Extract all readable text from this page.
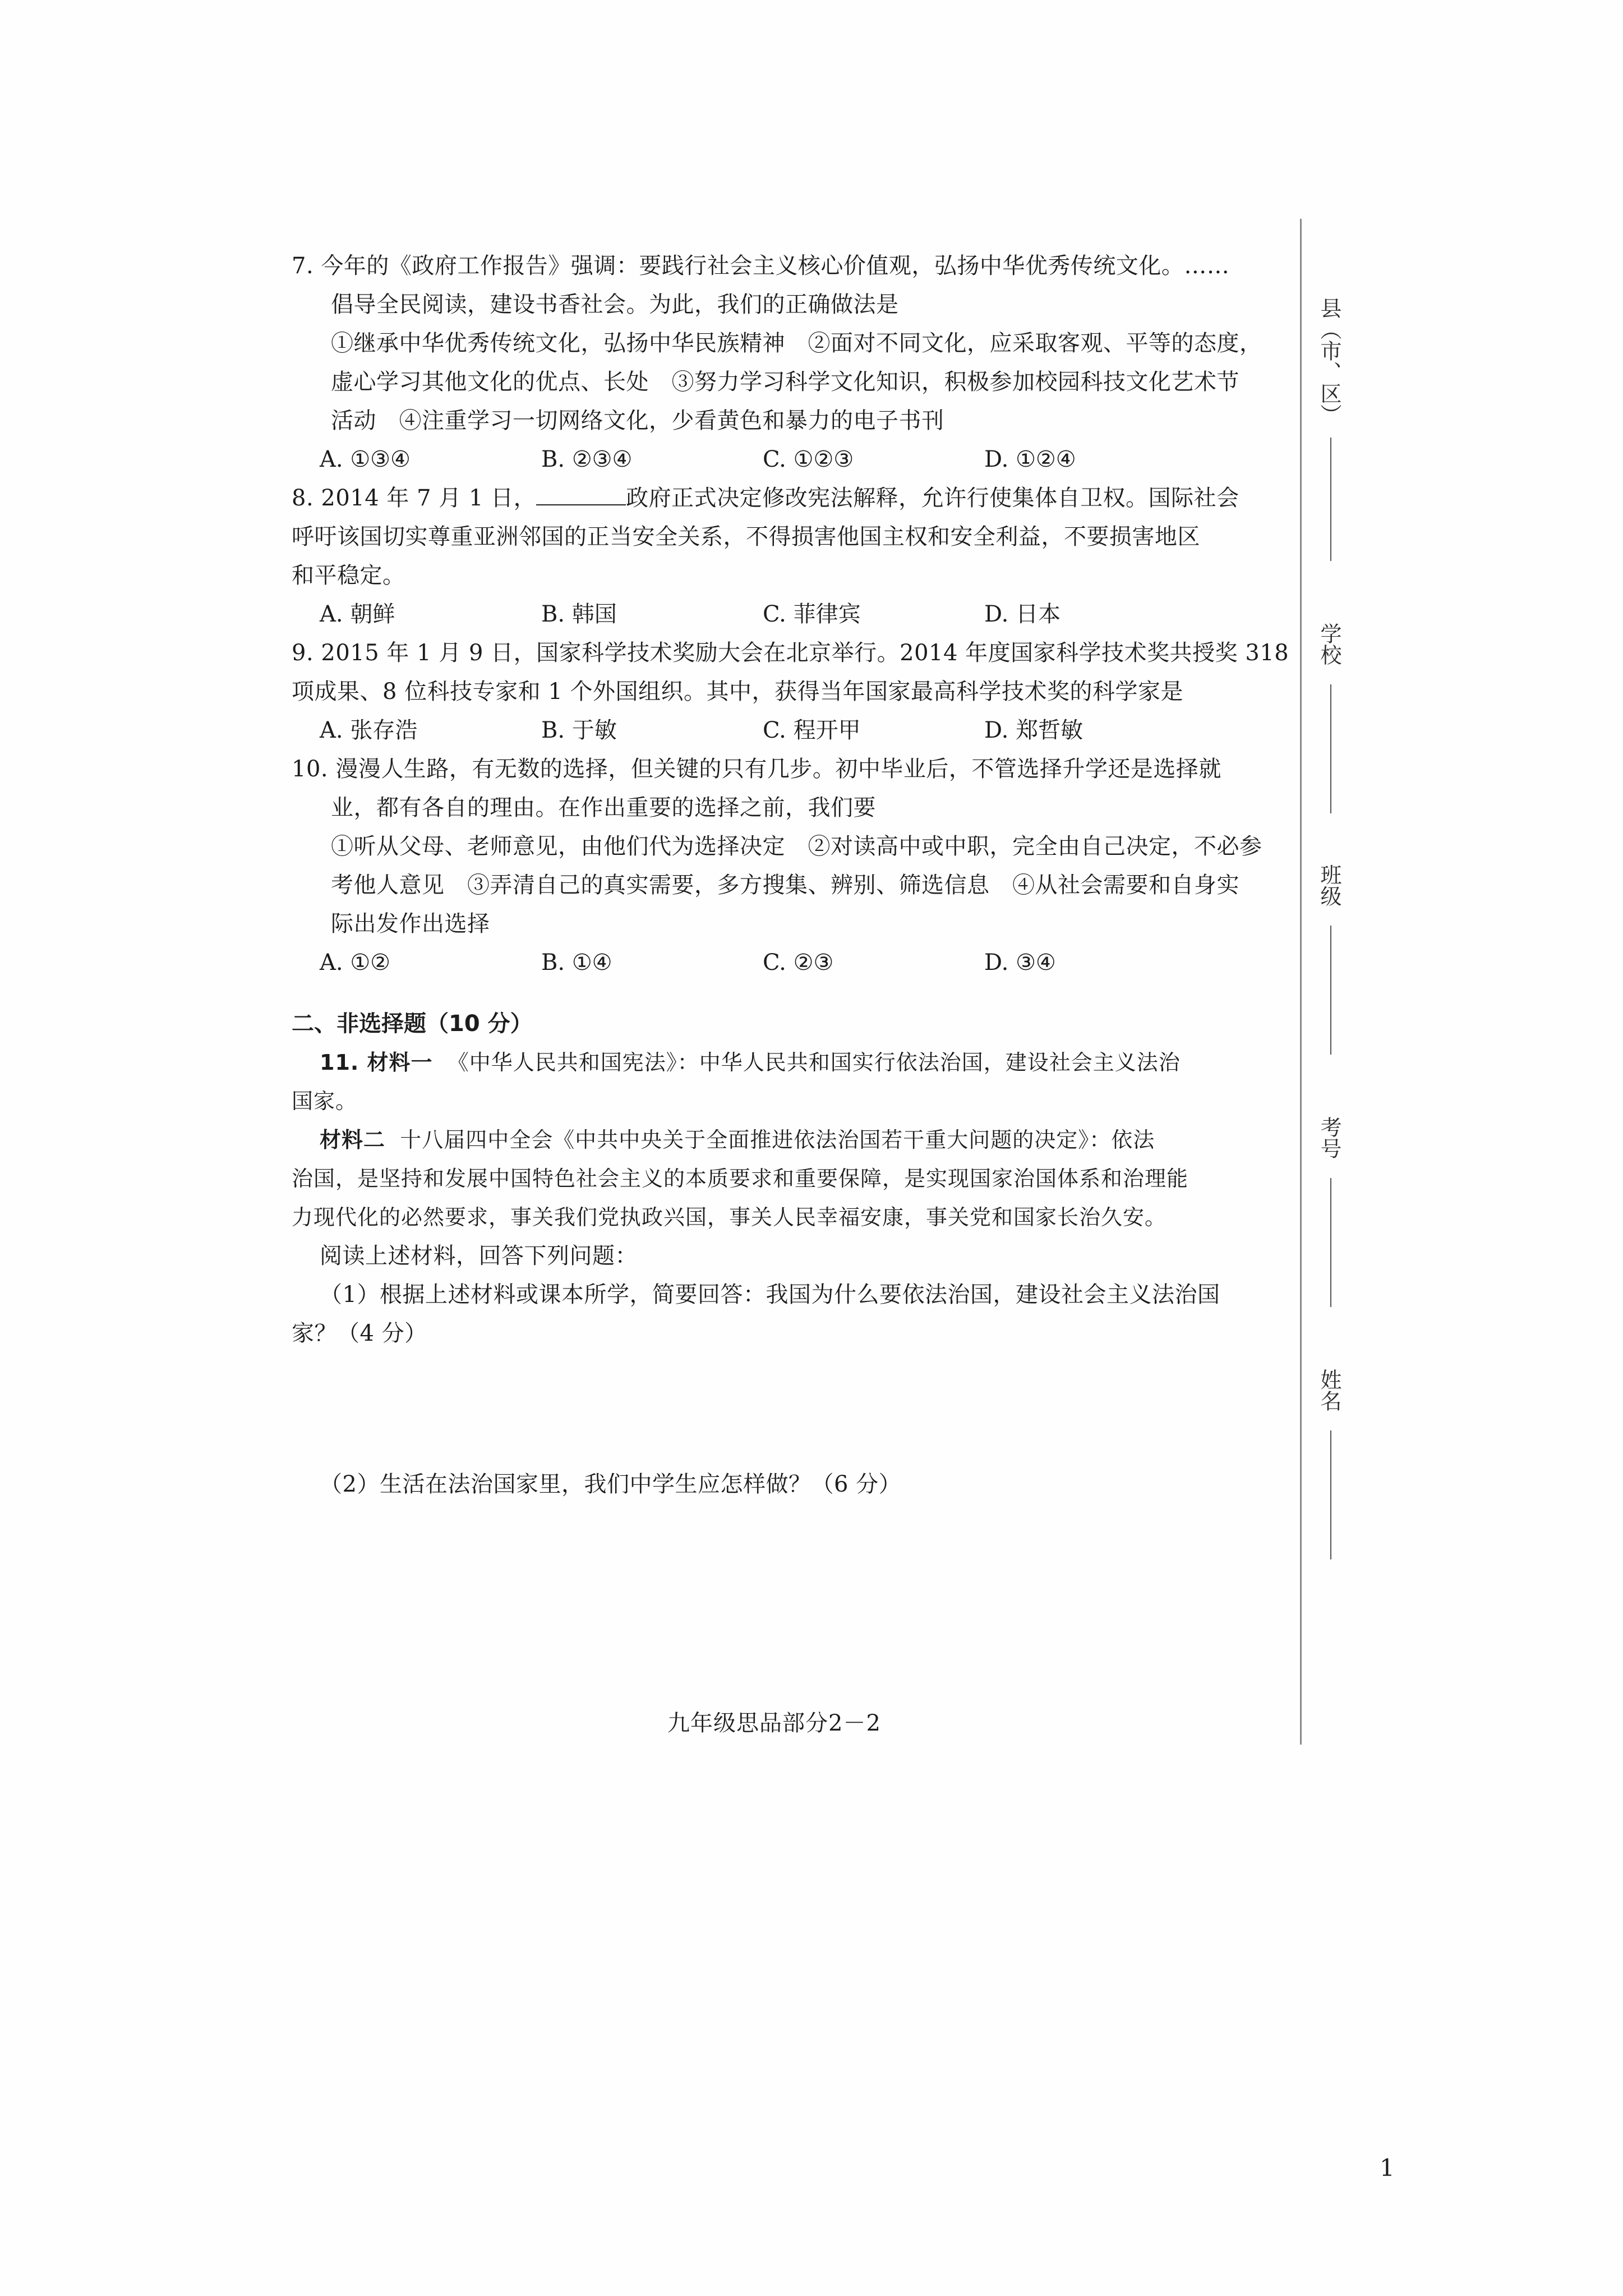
7. 今年的《政府工作报告》强调：要践行社会主义核心价值观，弘扬中华优秀传统文化。……
倡导全民阅读，建设书香社会。为此，我们的正确做法是
①继承中华优秀传统文化，弘扬中华民族精神　②面对不同文化，应采取客观、平等的态度，
虚心学习其他文化的优点、长处　③努力学习科学文化知识，积极参加校园科技文化艺术节
活动　④注重学习一切网络文化，少看黄色和暴力的电子书刊
A. ①③④	B. ②③④	C. ①②③	D. ①②④
8. 2014 年 7 月 1 日，	政府正式决定修改宪法解释，允许行使集体自卫权。国际社会
呼吁该国切实尊重亚洲邻国的正当安全关系，不得损害他国主权和安全利益，不要损害地区
和平稳定。
A. 朝鲜	B. 韩国	C. 菲律宾	D. 日本
9. 2015 年 1 月 9 日，国家科学技术奖励大会在北京举行。2014 年度国家科学技术奖共授奖 318
项成果、8 位科技专家和 1 个外国组织。其中，获得当年国家最高科学技术奖的科学家是
A. 张存浩	B. 于敏	C. 程开甲	D. 郑哲敏
10. 漫漫人生路，有无数的选择，但关键的只有几步。初中毕业后，不管选择升学还是选择就
业，都有各自的理由。在作出重要的选择之前，我们要
①听从父母、老师意见，由他们代为选择决定　②对读高中或中职，完全由自己决定，不必参
考他人意见　③弄清自己的真实需要，多方搜集、辨别、筛选信息　④从社会需要和自身实
际出发作出选择
A. ①②	B. ①④	C. ②③	D. ③④
二、非选择题（10 分）
11. 材料一 《中华人民共和国宪法》：中华人民共和国实行依法治国，建设社会主义法治
国家。
材料二 十八届四中全会《中共中央关于全面推进依法治国若干重大问题的决定》：依法
治国，是坚持和发展中国特色社会主义的本质要求和重要保障，是实现国家治国体系和治理能
力现代化的必然要求，事关我们党执政兴国，事关人民幸福安康，事关党和国家长治久安。
阅读上述材料，回答下列问题：
（1）根据上述材料或课本所学，简要回答：我国为什么要依法治国，建设社会主义法治国
家？（4 分）
（2）生活在法治国家里，我们中学生应怎样做？（6 分）
九年级思品部分2－2
1
县（市、区）
学校
班级
考号
姓名
